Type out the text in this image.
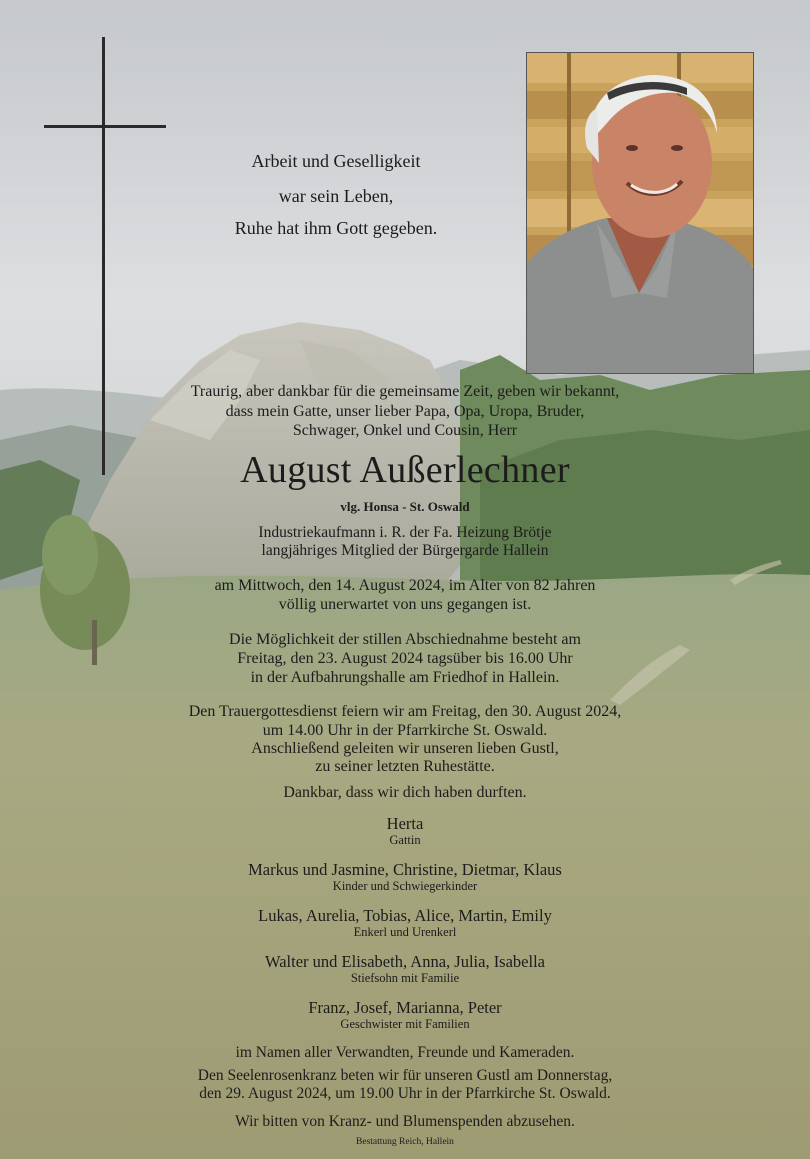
Arbeit und Geselligkeit
war sein Leben,
Ruhe hat ihm Gott gegeben.
Traurig, aber dankbar für die gemeinsame Zeit, geben wir bekannt,
dass mein Gatte, unser lieber Papa, Opa, Uropa, Bruder,
Schwager, Onkel und Cousin, Herr
August Außerlechner
vlg. Honsa - St. Oswald
Industriekaufmann i. R. der Fa. Heizung Brötje
langjähriges Mitglied der Bürgergarde Hallein
am Mittwoch, den 14. August 2024, im Alter von 82 Jahren
völlig unerwartet von uns gegangen ist.
Die Möglichkeit der stillen Abschiednahme besteht am
Freitag, den 23. August 2024 tagsüber bis 16.00 Uhr
in der Aufbahrungshalle am Friedhof in Hallein.
Den Trauergottesdienst feiern wir am Freitag, den 30. August 2024,
um 14.00 Uhr in der Pfarrkirche St. Oswald.
Anschließend geleiten wir unseren lieben Gustl,
zu seiner letzten Ruhestätte.
Dankbar, dass wir dich haben durften.
Herta
Gattin
Markus und Jasmine, Christine, Dietmar, Klaus
Kinder und Schwiegerkinder
Lukas, Aurelia, Tobias, Alice, Martin, Emily
Enkerl und Urenkerl
Walter und Elisabeth, Anna, Julia, Isabella
Stiefsohn mit Familie
Franz, Josef, Marianna, Peter
Geschwister mit Familien
im Namen aller Verwandten, Freunde und Kameraden.
Den Seelenrosenkranz beten wir für unseren Gustl am Donnerstag,
den 29. August 2024, um 19.00 Uhr in der Pfarrkirche St. Oswald.
Wir bitten von Kranz- und Blumenspenden abzusehen.
Bestattung Reich, Hallein
